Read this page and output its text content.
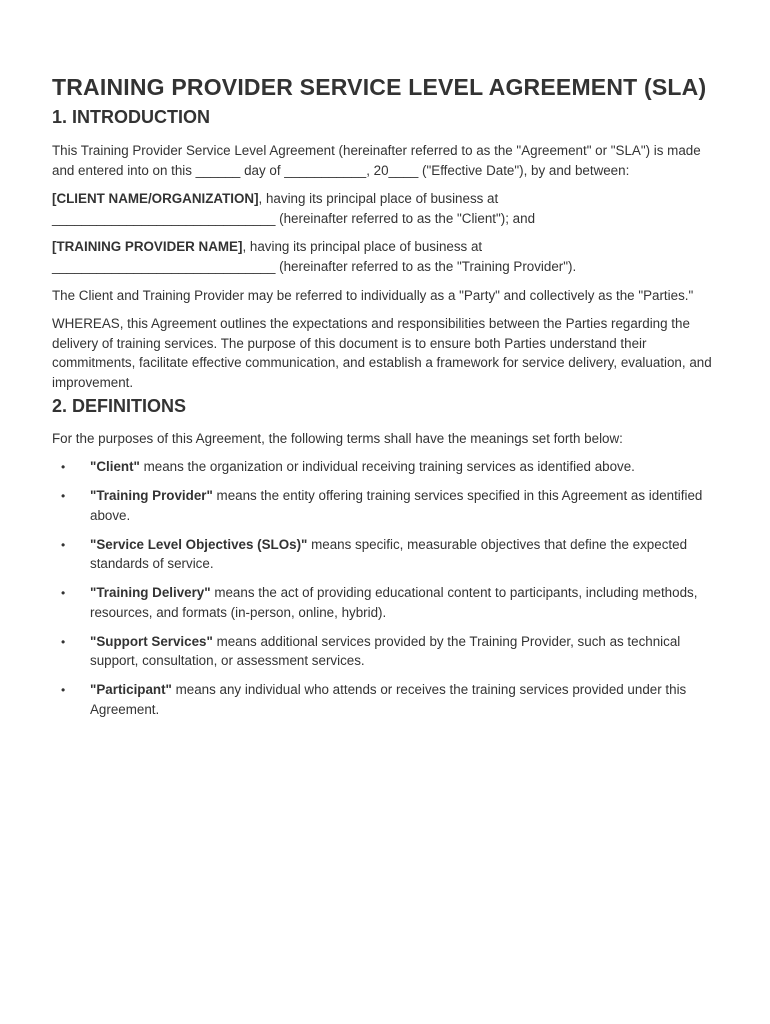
TRAINING PROVIDER SERVICE LEVEL AGREEMENT (SLA)
1. INTRODUCTION

This Training Provider Service Level Agreement (hereinafter referred to as the "Agreement" or "SLA") is made and entered into on this ______ day of ___________, 20____ ("Effective Date"), by and between:

[CLIENT NAME/ORGANIZATION], having its principal place of business at
______________________________ (hereinafter referred to as the "Client"); and

[TRAINING PROVIDER NAME], having its principal place of business at
______________________________ (hereinafter referred to as the "Training Provider").

The Client and Training Provider may be referred to individually as a "Party" and collectively as the "Parties."

WHEREAS, this Agreement outlines the expectations and responsibilities between the Parties regarding the delivery of training services. The purpose of this document is to ensure both Parties understand their commitments, facilitate effective communication, and establish a framework for service delivery, evaluation, and improvement.

2. DEFINITIONS

For the purposes of this Agreement, the following terms shall have the meanings set forth below:

• "Client" means the organization or individual receiving training services as identified above.
• "Training Provider" means the entity offering training services specified in this Agreement as identified above.
• "Service Level Objectives (SLOs)" means specific, measurable objectives that define the expected standards of service.
• "Training Delivery" means the act of providing educational content to participants, including methods, resources, and formats (in-person, online, hybrid).
• "Support Services" means additional services provided by the Training Provider, such as technical support, consultation, or assessment services.
• "Participant" means any individual who attends or receives the training services provided under this Agreement.
